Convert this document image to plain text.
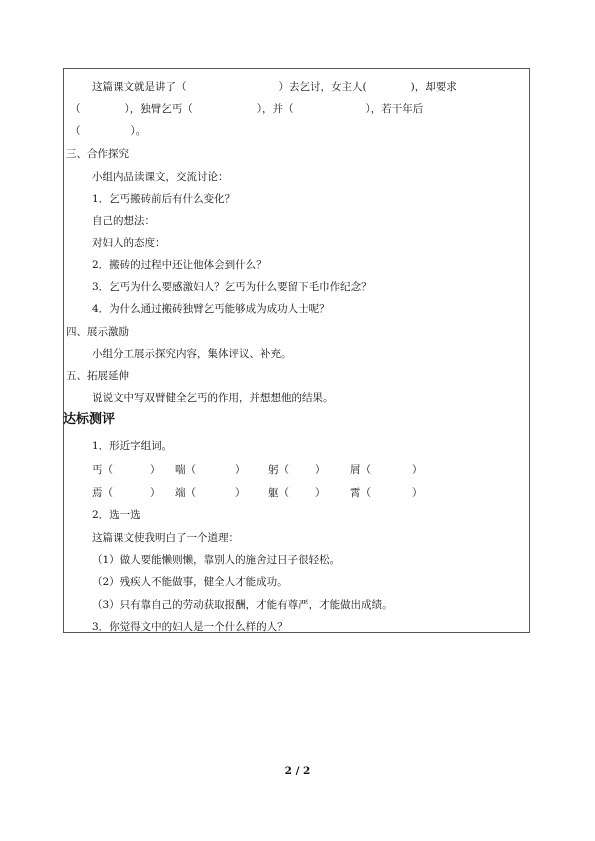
这篇课文就是讲了（	）去乞讨，女主人(	)，却要求
（	），独臂乞丐（	），并（	），若干年后
（	）。
三、合作探究
小组内品读课文，交流讨论：
1．乞丐搬砖前后有什么变化？
自己的想法：
对妇人的态度：
2．搬砖的过程中还让他体会到什么？
3．乞丐为什么要感激妇人？乞丐为什么要留下毛巾作纪念？
4．为什么通过搬砖独臂乞丐能够成为成功人士呢？
四、展示激励
小组分工展示探究内容，集体评议、补充。
五、拓展延伸
说说文中写双臂健全乞丐的作用，并想想他的结果。
达标测评
1．形近字组词。
丐（	） 喘（	） 躬（ ） 屑（	）
焉（	） 端（	） 躯（ ） 霄（	）
2．选一选
这篇课文使我明白了一个道理：
（1）做人要能懒则懒，靠别人的施舍过日子很轻松。
（2）残疾人不能做事，健全人才能成功。
（3）只有靠自己的劳动获取报酬，才能有尊严，才能做出成绩。
3．你觉得文中的妇人是一个什么样的人？
2 / 2
